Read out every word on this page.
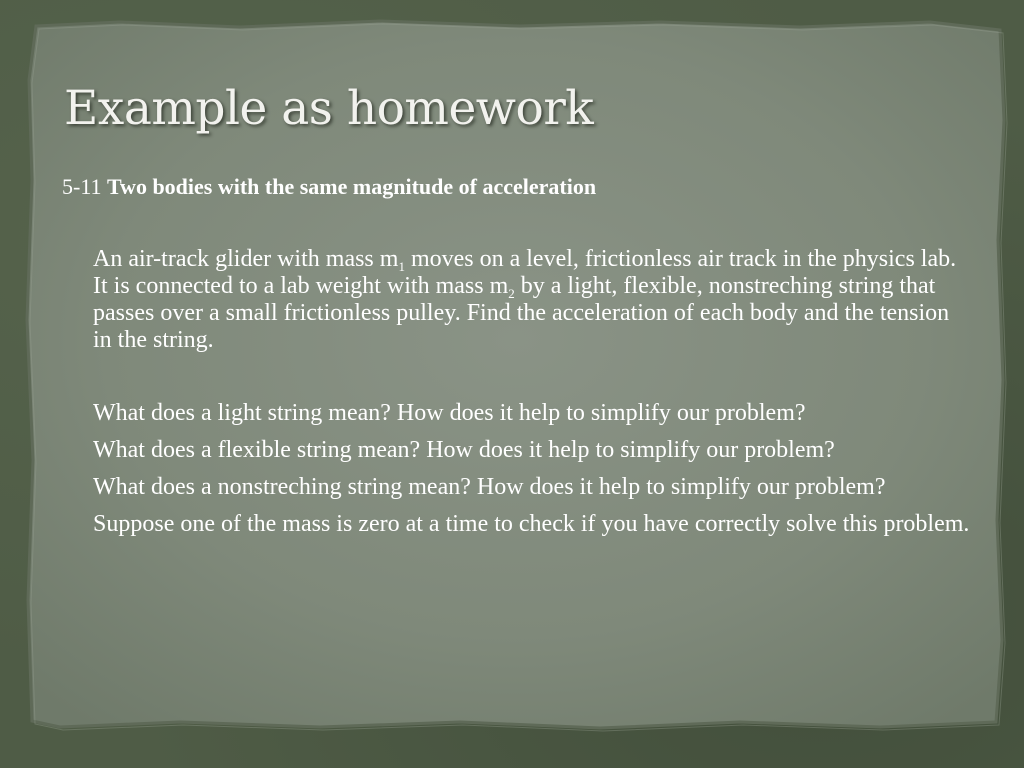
Example as homework
5-11 Two bodies with the same magnitude of acceleration

An air-track glider with mass $m_1$ moves on a level, frictionless air track in the physics lab. It is connected to a lab weight with mass $m_2$ by a light, flexible, nonstreching string that passes over a small frictionless pulley. Find the acceleration of each body and the tension in the string.

What does a light string mean? How does it help to simplify our problem?

What does a flexible string mean? How does it help to simplify our problem?

What does a nonstreching string mean? How does it help to simplify our problem?

Suppose one of the mass is zero at a time to check if you have correctly solve this problem.
